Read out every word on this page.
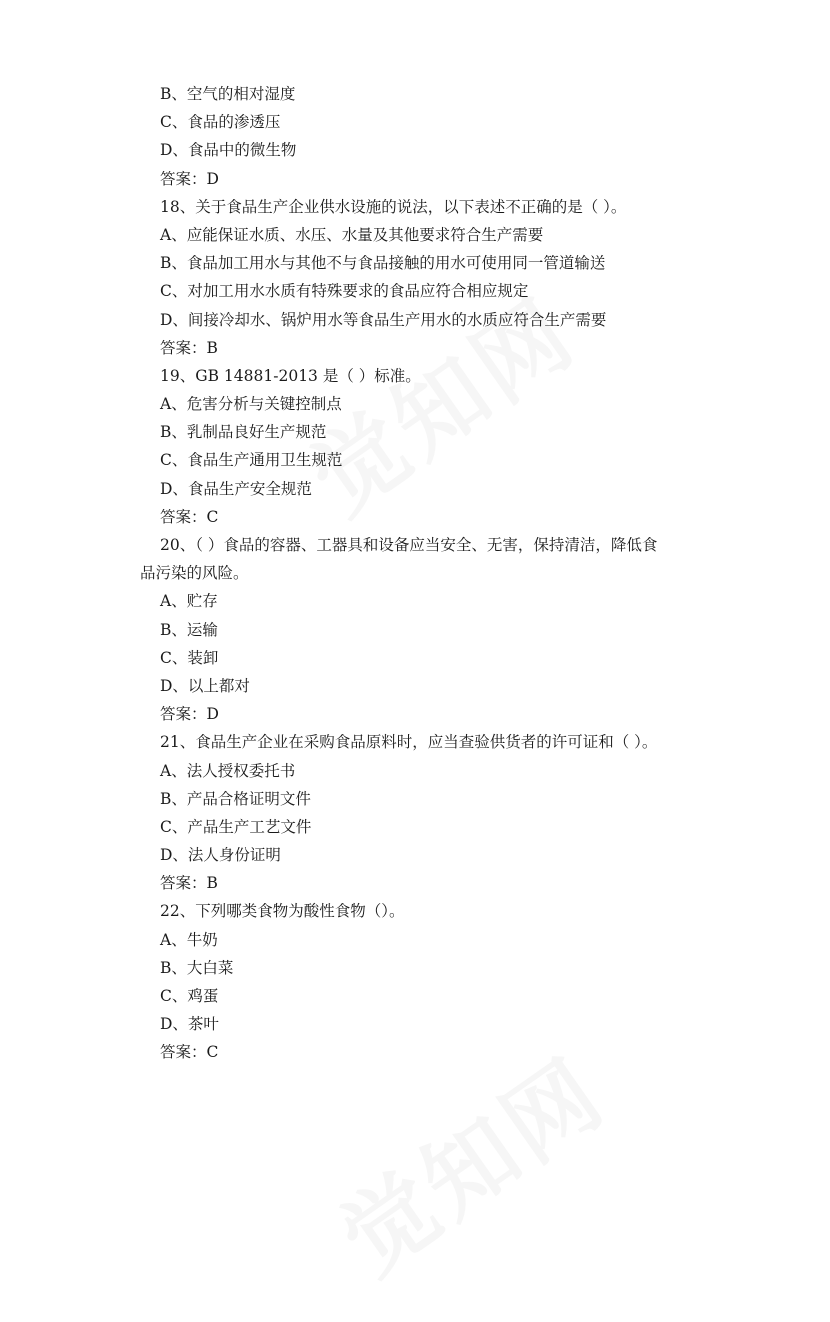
B、空气的相对湿度
C、食品的渗透压
D、食品中的微生物
答案：D
18、关于食品生产企业供水设施的说法，以下表述不正确的是（ ）。
A、应能保证水质、水压、水量及其他要求符合生产需要
B、食品加工用水与其他不与食品接触的用水可使用同一管道输送
C、对加工用水水质有特殊要求的食品应符合相应规定
D、间接冷却水、锅炉用水等食品生产用水的水质应符合生产需要
答案：B
19、GB 14881-2013 是（ ）标准。
A、危害分析与关键控制点
B、乳制品良好生产规范
C、食品生产通用卫生规范
D、食品生产安全规范
答案：C
20、（ ）食品的容器、工器具和设备应当安全、无害，保持清洁，降低食
品污染的风险。
A、贮存
B、运输
C、装卸
D、以上都对
答案：D
21、食品生产企业在采购食品原料时，应当查验供货者的许可证和（ ）。
A、法人授权委托书
B、产品合格证明文件
C、产品生产工艺文件
D、法人身份证明
答案：B
22、下列哪类食物为酸性食物（）。
A、牛奶
B、大白菜
C、鸡蛋
D、茶叶
答案：C
